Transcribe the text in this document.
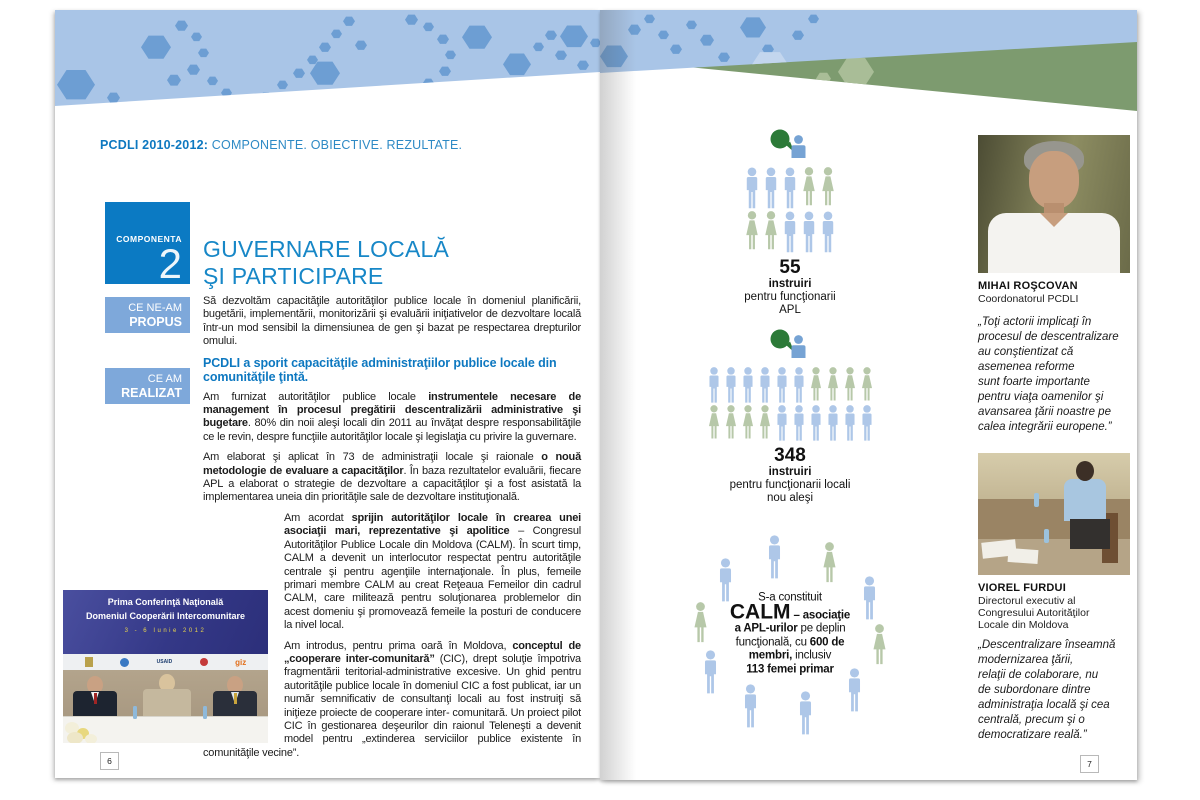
PCDLI 2010-2012: COMPONENTE. OBIECTIVE. REZULTATE.
COMPONENTA
2 GUVERNARE LOCALĂ
ŞI PARTICIPARE
CE NE-AM
PROPUS
CE AM
REALIZAT

Să dezvoltăm capacităţile autorităţilor publice locale în domeniul planificării, bugetării, implementării, monitorizării şi evaluării iniţiativelor de dezvoltare locală într-un mod sensibil la dimensiunea de gen şi bazat pe respectarea drepturilor omului.

PCDLI a sporit capacităţile administraţiilor publice locale din comunităţile ţintă.

Am furnizat autorităţilor publice locale instrumentele necesare de management în procesul pregătirii descentralizării administrative şi bugetare. 80% din noii aleşi locali din 2011 au învăţat despre responsabilităţile ce le revin, despre funcţiile autorităţilor locale şi legislaţia cu privire la guvernare.

Am elaborat şi aplicat în 73 de administraţii locale şi raionale o nouă metodologie de evaluare a capacităţilor. În baza rezultatelor evaluării, fiecare APL a elaborat o strategie de dezvoltare a capacităţilor şi a fost asistată la implementarea uneia din priorităţile sale de dezvoltare instituţională.

Am acordat sprijin autorităţilor locale în crearea unei asociaţii mari, reprezentative şi apolitice – Congresul Autorităţilor Publice Locale din Moldova (CALM). În scurt timp, CALM a devenit un interlocutor respectat pentru autorităţile centrale şi pentru agenţiile internaţionale. În plus, femeile primari membre CALM au creat Reţeaua Femeilor din cadrul CALM, care militează pentru soluţionarea problemelor din acest domeniu şi promovează femeile la posturi de conducere la nivel local.

Am introdus, pentru prima oară în Moldova, conceptul de „cooperare inter-comunitară” (CIC), drept soluţie împotriva fragmentării teritorial-administrative excesive. Un ghid pentru autorităţile publice locale în domeniul CIC a fost publicat, iar un număr semnificativ de consultanţi locali au fost instruiţi să iniţieze proiecte de cooperare inter- comunitară. Un proiect pilot CIC în gestionarea deşeurilor din raionul Teleneşti a devenit model pentru „extinderea serviciilor publice existente în comunităţile vecine”.

Prima Conferinţă Naţională
Domeniul Cooperării Intercomunitare
3 - 6 Iunie 2012
USAID	giz
6
55
instruiri
pentru funcţionarii
APL
348
instruiri
pentru funcţionarii locali
nou aleşi
S-a constituit
CALM – asociaţie
a APL-urilor pe deplin
funcţională, cu 600 de
membri, inclusiv
113 femei primar
MIHAI ROŞCOVAN
Coordonatorul PCDLI
„Toţi actorii implicaţi în
procesul de descentralizare
au conştientizat că
asemenea reforme
sunt foarte importante
pentru viaţa oamenilor şi
avansarea ţării noastre pe
calea integrării europene.”
VIOREL FURDUI
Directorul executiv al
Congresului Autorităţilor
Locale din Moldova
„Descentralizare înseamnă
modernizarea ţării,
relaţii de colaborare, nu
de subordonare dintre
administraţia locală şi cea
centrală, precum şi o
democratizare reală.”
7
